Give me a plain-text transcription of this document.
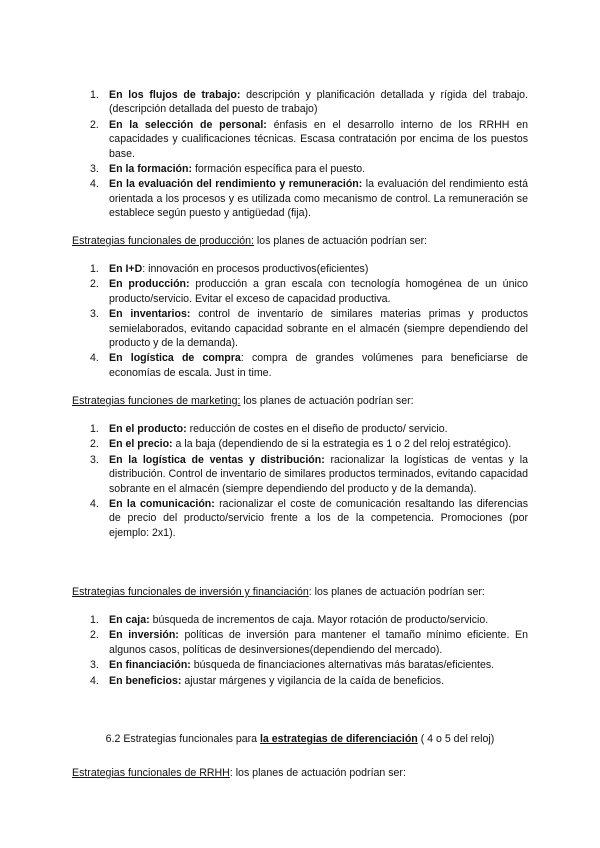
1. En los flujos de trabajo: descripción y planificación detallada y rígida del trabajo. (descripción detallada del puesto de trabajo)
2. En la selección de personal: énfasis en el desarrollo interno de los RRHH en capacidades y cualificaciones técnicas. Escasa contratación por encima de los puestos base.
3. En la formación: formación específica para el puesto.
4. En la evaluación del rendimiento y remuneración: la evaluación del rendimiento está orientada a los procesos y es utilizada como mecanismo de control. La remuneración se establece según puesto y antigüedad (fija).
Estrategias funcionales de producción: los planes de actuación podrían ser:
1. En I+D: innovación en procesos productivos(eficientes)
2. En producción: producción a gran escala con tecnología homogénea de un único producto/servicio. Evitar el exceso de capacidad productiva.
3. En inventarios: control de inventario de similares materias primas y productos semielaborados, evitando capacidad sobrante en el almacén (siempre dependiendo del producto y de la demanda).
4. En logística de compra: compra de grandes volúmenes para beneficiarse de economías de escala. Just in time.
Estrategias funciones de marketing: los planes de actuación podrían ser:
1. En el producto: reducción de costes en el diseño de producto/ servicio.
2. En el precio: a la baja (dependiendo de si la estrategia es 1 o 2 del reloj estratégico).
3. En la logística de ventas y distribución: racionalizar la logísticas de ventas y la distribución. Control de inventario de similares productos terminados, evitando capacidad sobrante en el almacén (siempre dependiendo del producto y de la demanda).
4. En la comunicación: racionalizar el coste de comunicación resaltando las diferencias de precio del producto/servicio frente a los de la competencia. Promociones (por ejemplo: 2x1).
Estrategias funcionales de inversión y financiación: los planes de actuación podrían ser:
1. En caja: búsqueda de incrementos de caja. Mayor rotación de producto/servicio.
2. En inversión: políticas de inversión para mantener el tamaño mínimo eficiente. En algunos casos, políticas de desinversiones(dependiendo del mercado).
3. En financiación: búsqueda de financiaciones alternativas más baratas/eficientes.
4. En beneficios: ajustar márgenes y vigilancia de la caída de beneficios.
6.2 Estrategias funcionales para la estrategias de diferenciación ( 4 o 5 del reloj)
Estrategias funcionales de RRHH: los planes de actuación podrían ser:
